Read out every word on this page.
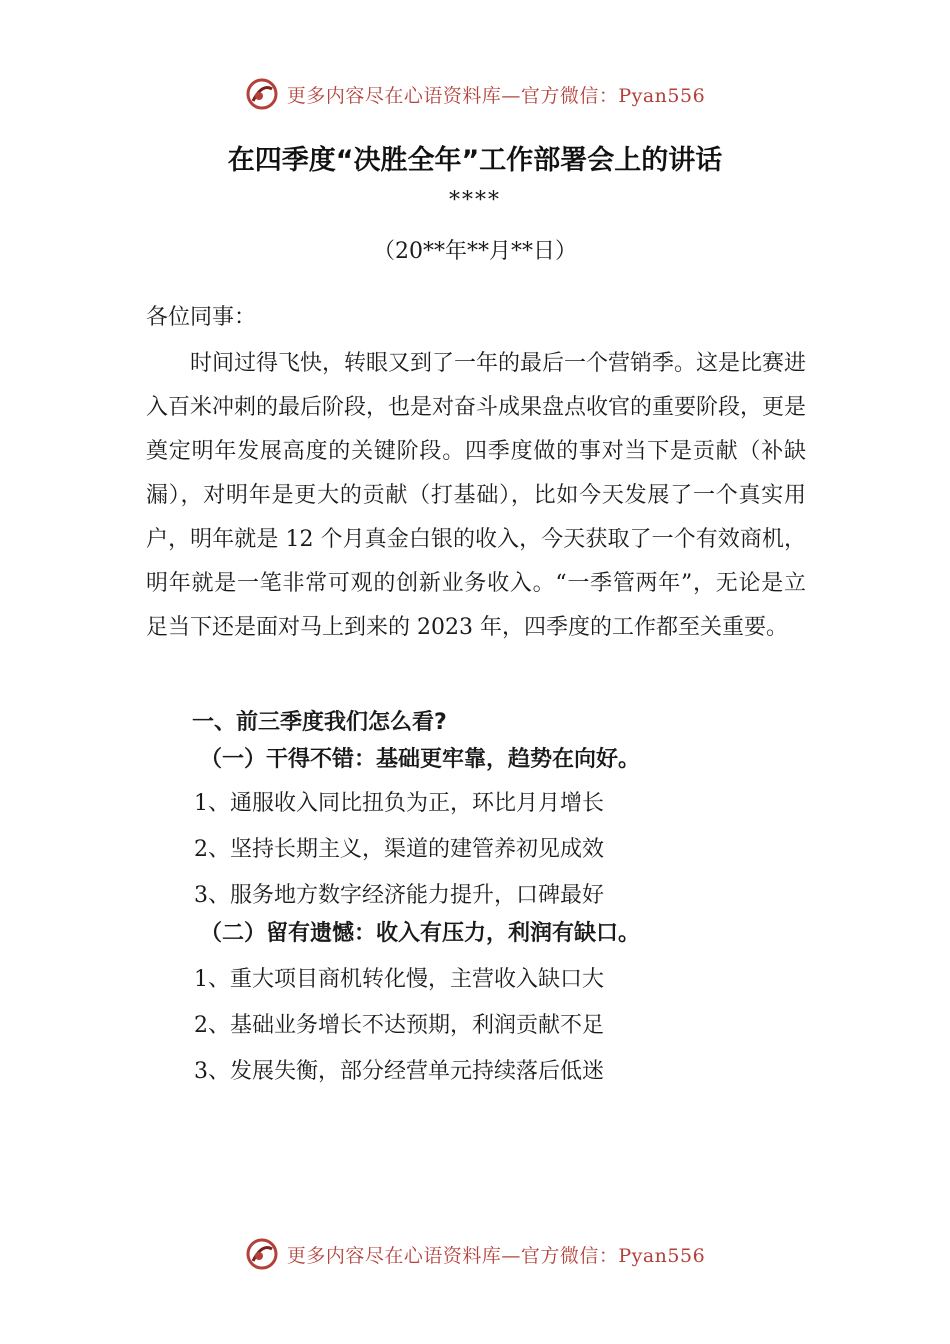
更多内容尽在心语资料库—官方微信：Pyan556
在四季度“决胜全年”工作部署会上的讲话
****
（20**年**月**日）
各位同事：
时间过得飞快，转眼又到了一年的最后一个营销季。这是比赛进入百米冲刺的最后阶段，也是对奋斗成果盘点收官的重要阶段，更是奠定明年发展高度的关键阶段。四季度做的事对当下是贡献（补缺漏），对明年是更大的贡献（打基础），比如今天发展了一个真实用户，明年就是 12 个月真金白银的收入，今天获取了一个有效商机，明年就是一笔非常可观的创新业务收入。“一季管两年”，无论是立足当下还是面对马上到来的 2023 年，四季度的工作都至关重要。
一、前三季度我们怎么看?
（一）干得不错：基础更牢靠，趋势在向好。
1、通服收入同比扭负为正，环比月月增长
2、坚持长期主义，渠道的建管养初见成效
3、服务地方数字经济能力提升，口碑最好
（二）留有遗憾：收入有压力，利润有缺口。
1、重大项目商机转化慢，主营收入缺口大
2、基础业务增长不达预期，利润贡献不足
3、发展失衡，部分经营单元持续落后低迷
更多内容尽在心语资料库—官方微信：Pyan556
